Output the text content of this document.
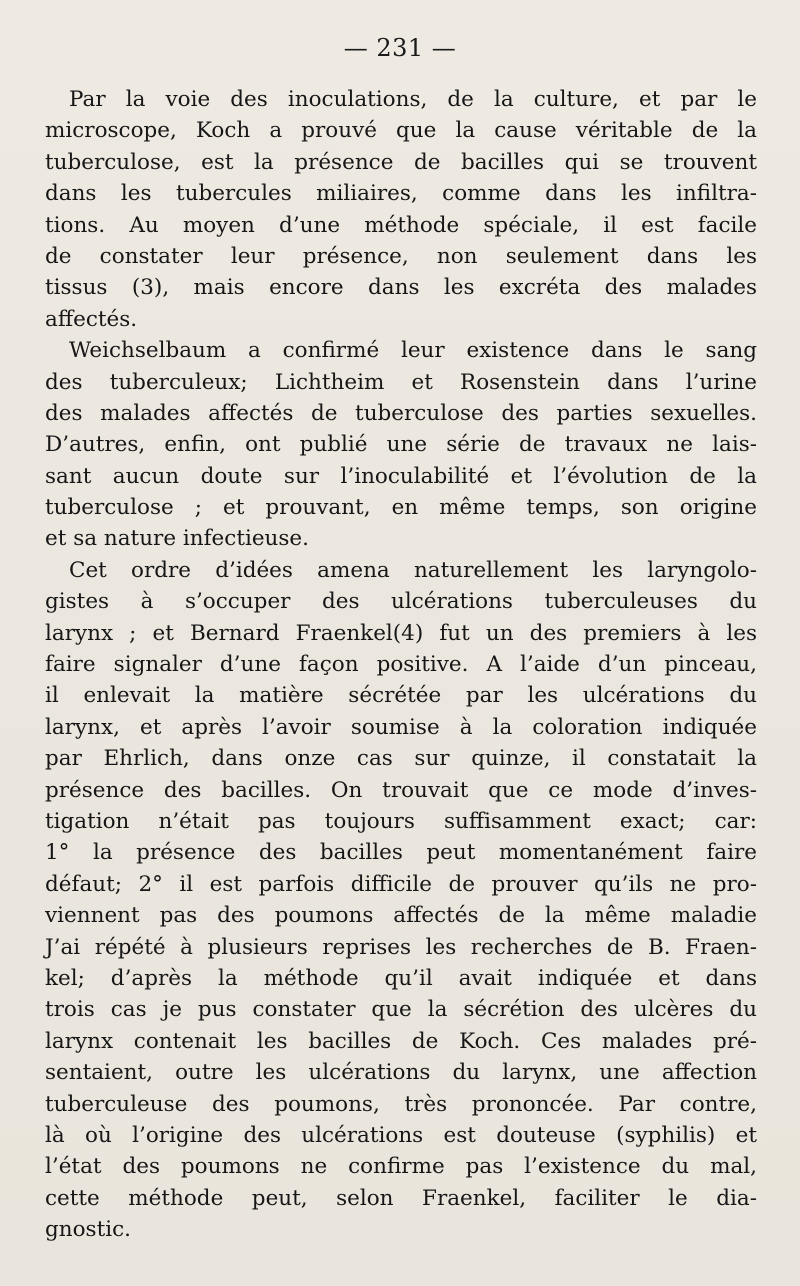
— 231 —
Par la voie des inoculations, de la culture, et par le
microscope, Koch a prouvé que la cause véritable de la
tuberculose, est la présence de bacilles qui se trouvent
dans les tubercules miliaires, comme dans les infiltra-
tions. Au moyen d’une méthode spéciale, il est facile
de constater leur présence, non seulement dans les
tissus (3), mais encore dans les excréta des malades
affectés.
Weichselbaum a confirmé leur existence dans le sang
des tuberculeux; Lichtheim et Rosenstein dans l’urine
des malades affectés de tuberculose des parties sexuelles.
D’autres, enfin, ont publié une série de travaux ne lais-
sant aucun doute sur l’inoculabilité et l’évolution de la
tuberculose ; et prouvant, en même temps, son origine
et sa nature infectieuse.
Cet ordre d’idées amena naturellement les laryngolo-
gistes à s’occuper des ulcérations tuberculeuses du
larynx ; et Bernard Fraenkel(4) fut un des premiers à les
faire signaler d’une façon positive. A l’aide d’un pinceau,
il enlevait la matière sécrétée par les ulcérations du
larynx, et après l’avoir soumise à la coloration indiquée
par Ehrlich, dans onze cas sur quinze, il constatait la
présence des bacilles. On trouvait que ce mode d’inves-
tigation n’était pas toujours suffisamment exact; car:
1° la présence des bacilles peut momentanément faire
défaut; 2° il est parfois difficile de prouver qu’ils ne pro-
viennent pas des poumons affectés de la même maladie
J’ai répété à plusieurs reprises les recherches de B. Fraen-
kel; d’après la méthode qu’il avait indiquée et dans
trois cas je pus constater que la sécrétion des ulcères du
larynx contenait les bacilles de Koch. Ces malades pré-
sentaient, outre les ulcérations du larynx, une affection
tuberculeuse des poumons, très prononcée. Par contre,
là où l’origine des ulcérations est douteuse (syphilis) et
l’état des poumons ne confirme pas l’existence du mal,
cette méthode peut, selon Fraenkel, faciliter le dia-
gnostic.
